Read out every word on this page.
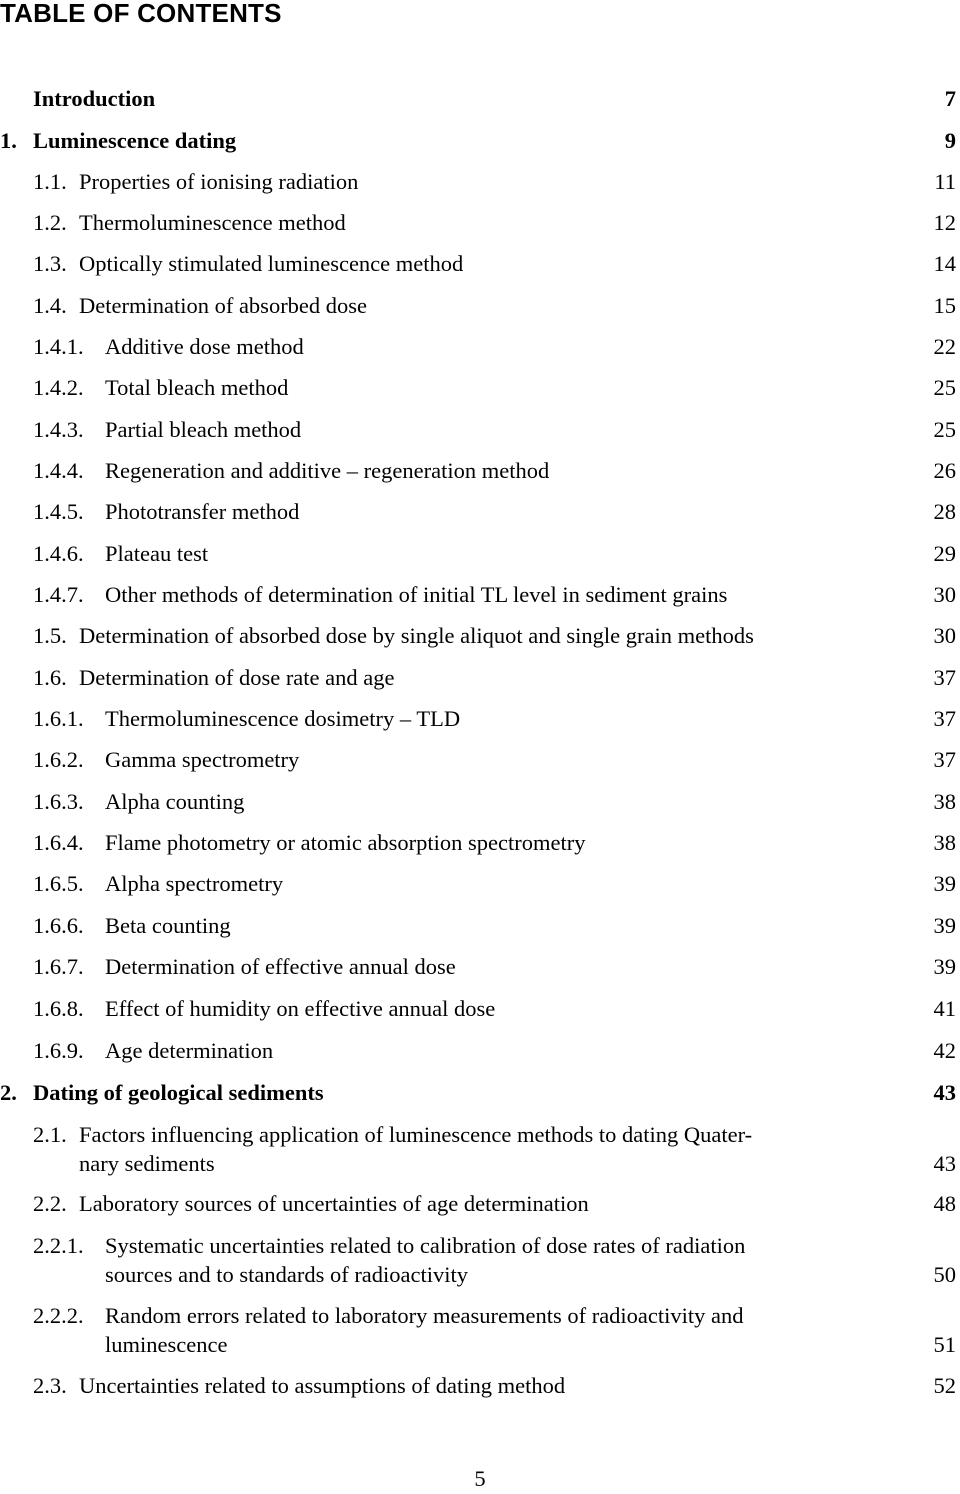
TABLE OF CONTENTS
Introduction	7
1. Luminescence dating	9
1.1. Properties of ionising radiation	11
1.2. Thermoluminescence method	12
1.3. Optically stimulated luminescence method	14
1.4. Determination of absorbed dose	15
1.4.1. Additive dose method	22
1.4.2. Total bleach method	25
1.4.3. Partial bleach method	25
1.4.4. Regeneration and additive – regeneration method	26
1.4.5. Phototransfer method	28
1.4.6. Plateau test	29
1.4.7. Other methods of determination of initial TL level in sediment grains	30
1.5. Determination of absorbed dose by single aliquot and single grain methods	30
1.6. Determination of dose rate and age	37
1.6.1. Thermoluminescence dosimetry – TLD	37
1.6.2. Gamma spectrometry	37
1.6.3. Alpha counting	38
1.6.4. Flame photometry or atomic absorption spectrometry	38
1.6.5. Alpha spectrometry	39
1.6.6. Beta counting	39
1.6.7. Determination of effective annual dose	39
1.6.8. Effect of humidity on effective annual dose	41
1.6.9. Age determination	42
2. Dating of geological sediments	43
2.1. Factors influencing application of luminescence methods to dating Quater-
nary sediments	43
2.2. Laboratory sources of uncertainties of age determination	48
2.2.1. Systematic uncertainties related to calibration of dose rates of radiation
sources and to standards of radioactivity	50
2.2.2. Random errors related to laboratory measurements of radioactivity and
luminescence	51
2.3. Uncertainties related to assumptions of dating method	52
5
